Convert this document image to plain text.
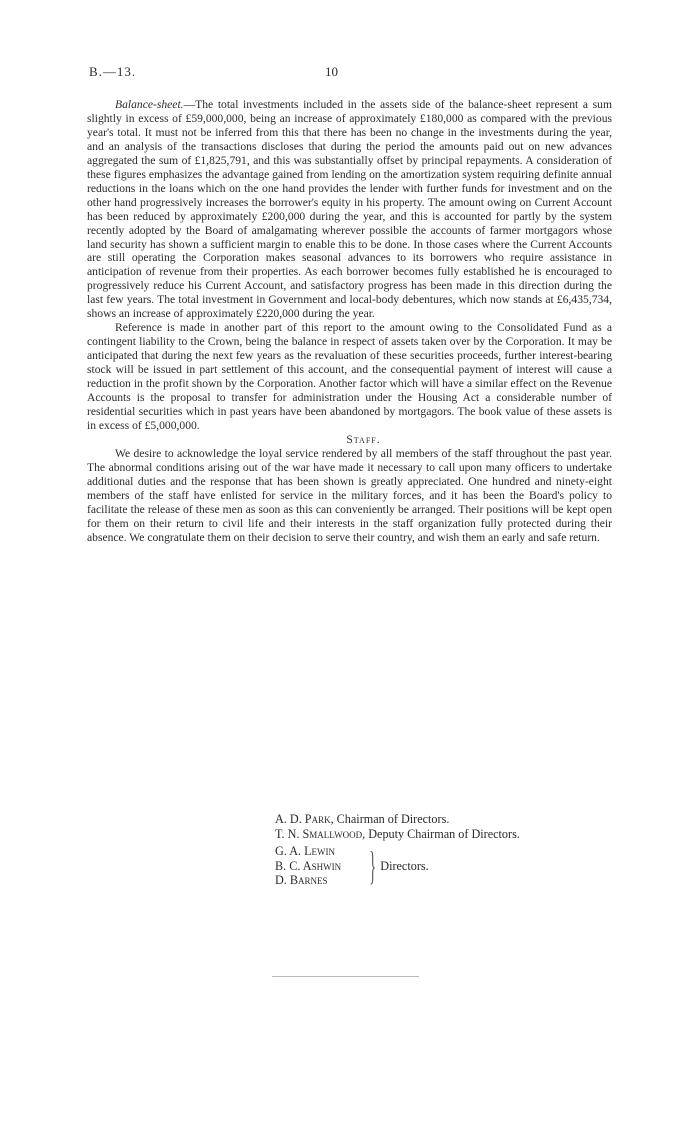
B.—13.	10

Balance-sheet.—The total investments included in the assets side of the balance-sheet represent a sum slightly in excess of £59,000,000, being an increase of approximately £180,000 as compared with the previous year's total. It must not be inferred from this that there has been no change in the investments during the year, and an analysis of the transactions discloses that during the period the amounts paid out on new advances aggregated the sum of £1,825,791, and this was substantially offset by principal repayments. A consideration of these figures emphasizes the advantage gained from lending on the amortization system requiring definite annual reductions in the loans which on the one hand provides the lender with further funds for investment and on the other hand progressively increases the borrower's equity in his property. The amount owing on Current Account has been reduced by approximately £200,000 during the year, and this is accounted for partly by the system recently adopted by the Board of amalgamating wherever possible the accounts of farmer mortgagors whose land security has shown a sufficient margin to enable this to be done. In those cases where the Current Accounts are still operating the Corporation makes seasonal advances to its borrowers who require assistance in anticipation of revenue from their properties. As each borrower becomes fully established he is encouraged to progressively reduce his Current Account, and satisfactory progress has been made in this direction during the last few years. The total investment in Government and local-body debentures, which now stands at £6,435,734, shows an increase of approximately £220,000 during the year.

Reference is made in another part of this report to the amount owing to the Consolidated Fund as a contingent liability to the Crown, being the balance in respect of assets taken over by the Corporation. It may be anticipated that during the next few years as the revaluation of these securities proceeds, further interest-bearing stock will be issued in part settlement of this account, and the consequential payment of interest will cause a reduction in the profit shown by the Corporation. Another factor which will have a similar effect on the Revenue Accounts is the proposal to transfer for administration under the Housing Act a considerable number of residential securities which in past years have been abandoned by mortgagors. The book value of these assets is in excess of £5,000,000.

Staff.

We desire to acknowledge the loyal service rendered by all members of the staff throughout the past year. The abnormal conditions arising out of the war have made it necessary to call upon many officers to undertake additional duties and the response that has been shown is greatly appreciated. One hundred and ninety-eight members of the staff have enlisted for service in the military forces, and it has been the Board's policy to facilitate the release of these men as soon as this can conveniently be arranged. Their positions will be kept open for them on their return to civil life and their interests in the staff organization fully protected during their absence. We congratulate them on their decision to serve their country, and wish them an early and safe return.

A. D. Park, Chairman of Directors.
T. N. Smallwood, Deputy Chairman of Directors.
G. A. Lewin
B. C. Ashwin
D. Barnes	} Directors.
